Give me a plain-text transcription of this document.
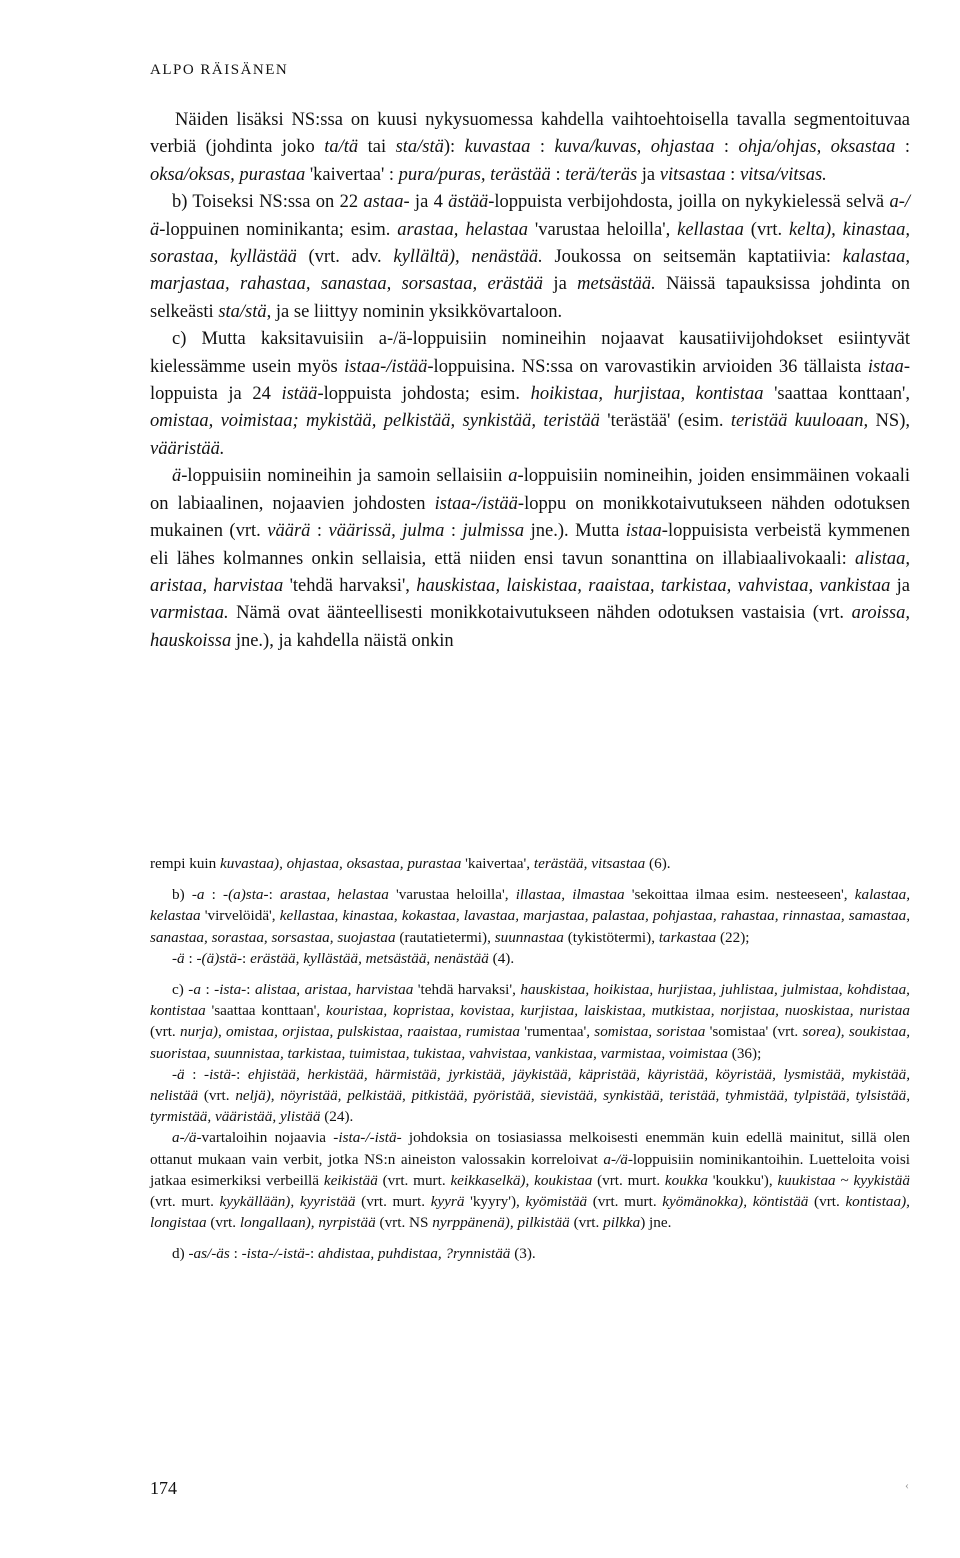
ALPO RÄISÄNEN

Näiden lisäksi NS:ssa on kuusi nykysuomessa kahdella vaihtoehtoisella tavalla segmentoituvaa verbiä (johdinta joko ta/tä tai sta/stä): kuvastaa : kuva/kuvas, ohjastaa : ohja/ohjas, oksastaa : oksa/oksas, purastaa 'kaivertaa' : pura/puras, terästää : terä/teräs ja vitsastaa : vitsa/vitsas.

b) Toiseksi NS:ssa on 22 astaa- ja 4 ästää-loppuista verbijohdosta, joilla on nykykielessä selvä a-/ä-loppuinen nominikanta; esim. arastaa, helastaa 'varustaa heloilla', kellastaa (vrt. kelta), kinastaa, sorastaa, kyllästää (vrt. adv. kyllältä), nenästää. Joukossa on seitsemän kaptatiivia: kalastaa, marjastaa, rahastaa, sanastaa, sorsastaa, erästää ja metsästää. Näissä tapauksissa johdinta on selkeästi sta/stä, ja se liittyy nominin yksikkövartaloon.

c) Mutta kaksitavuisiin a-/ä-loppuisiin nomineihin nojaavat kausatiivijohdokset esiintyvät kielessämme usein myös istaa-/istää-loppuisina. NS:ssa on varovastikin arvioiden 36 tällaista istaa-loppuista ja 24 istää-loppuista johdosta; esim. hoikistaa, hurjistaa, kontistaa 'saattaa konttaan', omistaa, voimistaa; mykistää, pelkistää, synkistää, teristää 'terästää' (esim. teristää kuuloaan, NS), vääristää.

ä-loppuisiin nomineihin ja samoin sellaisiin a-loppuisiin nomineihin, joiden ensimmäinen vokaali on labiaalinen, nojaavien johdosten istaa-/istää-loppu on monikkotaivutukseen nähden odotuksen mukainen (vrt. väärä : väärissä, julma : julmissa jne.). Mutta istaa-loppuisista verbeistä kymmenen eli lähes kolmannes onkin sellaisia, että niiden ensi tavun sonanttina on illabiaalivokaali: alistaa, aristaa, harvistaa 'tehdä harvaksi', hauskistaa, laiskistaa, raaistaa, tarkistaa, vahvistaa, vankistaa ja varmistaa. Nämä ovat äänteellisesti monikkotaivutukseen nähden odotuksen vastaisia (vrt. aroissa, hauskoissa jne.), ja kahdella näistä onkin

rempi kuin kuvastaa), ohjastaa, oksastaa, purastaa 'kaivertaa', terästää, vitsastaa (6).

b) -a : -(a)sta-: arastaa, helastaa 'varustaa heloilla', illastaa, ilmastaa 'sekoittaa ilmaa esim. nesteeseen', kalastaa, kelastaa 'virvelöidä', kellastaa, kinastaa, kokastaa, lavastaa, marjastaa, palastaa, pohjastaa, rahastaa, rinnastaa, samastaa, sanastaa, sorastaa, sorsastaa, suojastaa (rautatietermi), suunnastaa (tykistötermi), tarkastaa (22);

-ä : -(ä)stä-: erästää, kyllästää, metsästää, nenästää (4).

c) -a : -ista-: alistaa, aristaa, harvistaa 'tehdä harvaksi', hauskistaa, hoikistaa, hurjistaa, juhlistaa, julmistaa, kohdistaa, kontistaa 'saattaa konttaan', kouristaa, kopristaa, kovistaa, kurjistaa, laiskistaa, mutkistaa, norjistaa, nuoskistaa, nuristaa (vrt. nurja), omistaa, orjistaa, pulskistaa, raaistaa, rumistaa 'rumentaa', somistaa, soristaa 'somistaa' (vrt. sorea), soukistaa, suoristaa, suunnistaa, tarkistaa, tuimistaa, tukistaa, vahvistaa, vankistaa, varmistaa, voimistaa (36);

-ä : -istä-: ehjistää, herkistää, härmistää, jyrkistää, jäykistää, käpristää, käyristää, köyristää, lysmistää, mykistää, nelistää (vrt. neljä), nöyristää, pelkistää, pitkistää, pyöristää, sievistää, synkistää, teristää, tyhmistää, tylpistää, tylsistää, tyrmistää, vääristää, ylistää (24).

a-/ä-vartaloihin nojaavia -ista-/-istä- johdoksia on tosiasiassa melkoisesti enemmän kuin edellä mainitut, sillä olen ottanut mukaan vain verbit, jotka NS:n aineiston valossakin korreloivat a-/ä-loppuisiin nominikantoihin. Luetteloita voisi jatkaa esimerkiksi verbeillä keikistää (vrt. murt. keikkaselkä), koukistaa (vrt. murt. koukka 'koukku'), kuukistaa ~ kyykistää (vrt. murt. kyykällään), kyyristää (vrt. murt. kyyrä 'kyyry'), kyömistää (vrt. murt. kyömänokka), köntistää (vrt. kontistaa), longistaa (vrt. longallaan), nyrpistää (vrt. NS nyrppänenä), pilkistää (vrt. pilkka) jne.

d) -as/-äs : -ista-/-istä-: ahdistaa, puhdistaa, ?rynnistää (3).

174	‹
